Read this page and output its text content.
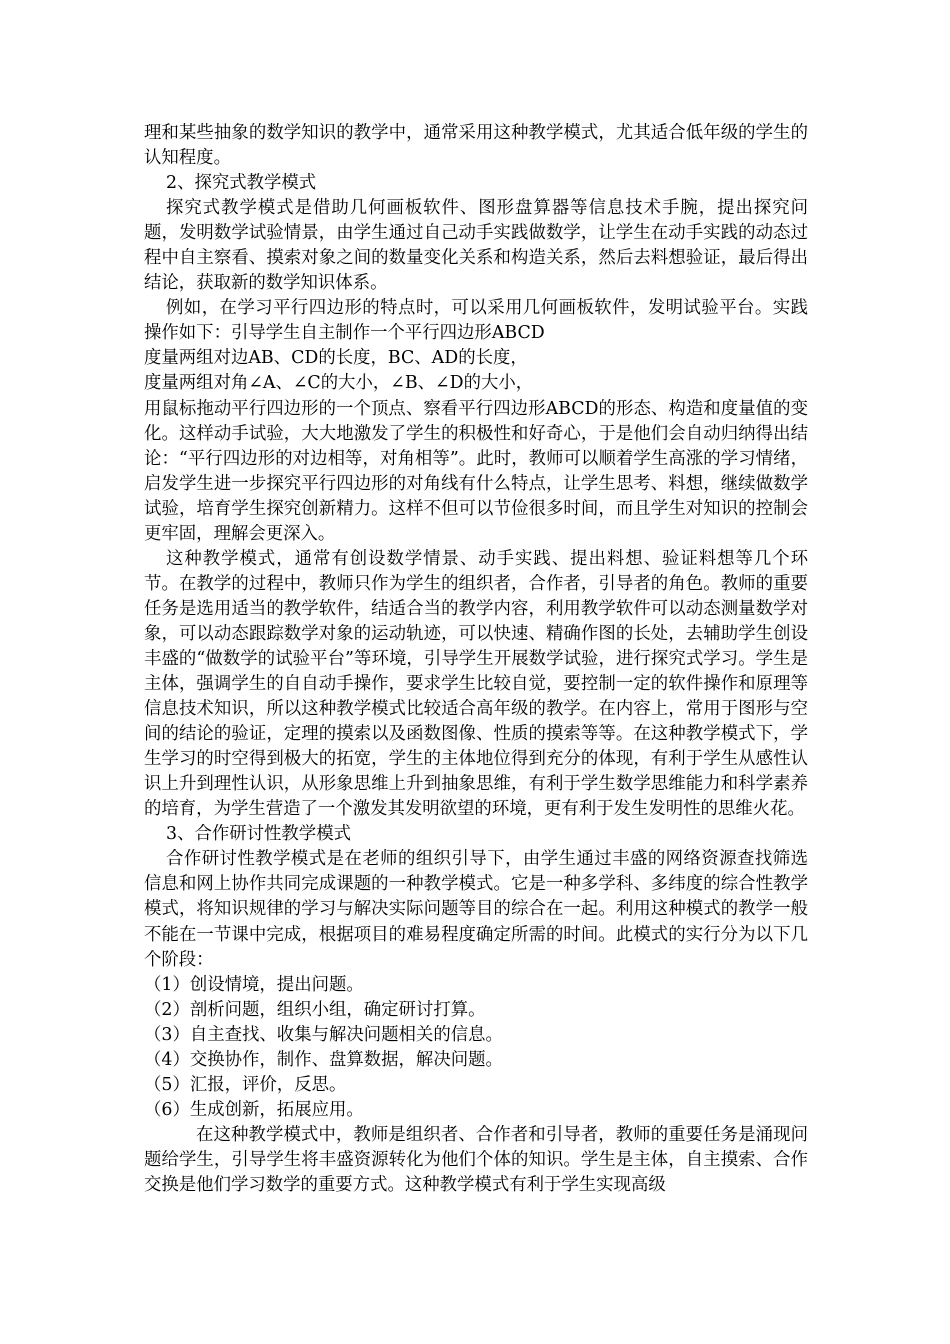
理和某些抽象的数学知识的教学中，通常采用这种教学模式，尤其适合低年级的学生的认知程度。

2、探究式教学模式

探究式教学模式是借助几何画板软件、图形盘算器等信息技术手腕，提出探究问题，发明数学试验情景，由学生通过自己动手实践做数学，让学生在动手实践的动态过程中自主察看、摸索对象之间的数量变化关系和构造关系，然后去料想验证，最后得出结论，获取新的数学知识体系。

例如，在学习平行四边形的特点时，可以采用几何画板软件，发明试验平台。实践操作如下：引导学生自主制作一个平行四边形ABCD

度量两组对边AB、CD的长度，BC、AD的长度，

度量两组对角∠A、∠C的大小，∠B、∠D的大小，

用鼠标拖动平行四边形的一个顶点、察看平行四边形ABCD的形态、构造和度量值的变化。这样动手试验，大大地激发了学生的积极性和好奇心，于是他们会自动归纳得出结论：“平行四边形的对边相等，对角相等”。此时，教师可以顺着学生高涨的学习情绪，启发学生进一步探究平行四边形的对角线有什么特点，让学生思考、料想，继续做数学试验，培育学生探究创新精力。这样不但可以节俭很多时间，而且学生对知识的控制会更牢固，理解会更深入。

这种教学模式，通常有创设数学情景、动手实践、提出料想、验证料想等几个环节。在教学的过程中，教师只作为学生的组织者，合作者，引导者的角色。教师的重要任务是选用适当的教学软件，结适合当的教学内容，利用教学软件可以动态测量数学对象，可以动态跟踪数学对象的运动轨迹，可以快速、精确作图的长处，去辅助学生创设丰盛的“做数学的试验平台”等环境，引导学生开展数学试验，进行探究式学习。学生是主体，强调学生的自自动手操作，要求学生比较自觉，要控制一定的软件操作和原理等信息技术知识，所以这种教学模式比较适合高年级的教学。在内容上，常用于图形与空间的结论的验证，定理的摸索以及函数图像、性质的摸索等等。在这种教学模式下，学生学习的时空得到极大的拓宽，学生的主体地位得到充分的体现，有利于学生从感性认识上升到理性认识，从形象思维上升到抽象思维，有利于学生数学思维能力和科学素养的培育，为学生营造了一个激发其发明欲望的环境，更有利于发生发明性的思维火花。

3、合作研讨性教学模式

合作研讨性教学模式是在老师的组织引导下，由学生通过丰盛的网络资源查找筛选信息和网上协作共同完成课题的一种教学模式。它是一种多学科、多纬度的综合性教学模式，将知识规律的学习与解决实际问题等目的综合在一起。利用这种模式的教学一般不能在一节课中完成，根据项目的难易程度确定所需的时间。此模式的实行分为以下几个阶段：

（1）创设情境，提出问题。

（2）剖析问题，组织小组，确定研讨打算。

（3）自主查找、收集与解决问题相关的信息。

（4）交换协作，制作、盘算数据，解决问题。

（5）汇报，评价，反思。

（6）生成创新，拓展应用。

在这种教学模式中，教师是组织者、合作者和引导者，教师的重要任务是涌现问题给学生，引导学生将丰盛资源转化为他们个体的知识。学生是主体，自主摸索、合作交换是他们学习数学的重要方式。这种教学模式有利于学生实现高级
